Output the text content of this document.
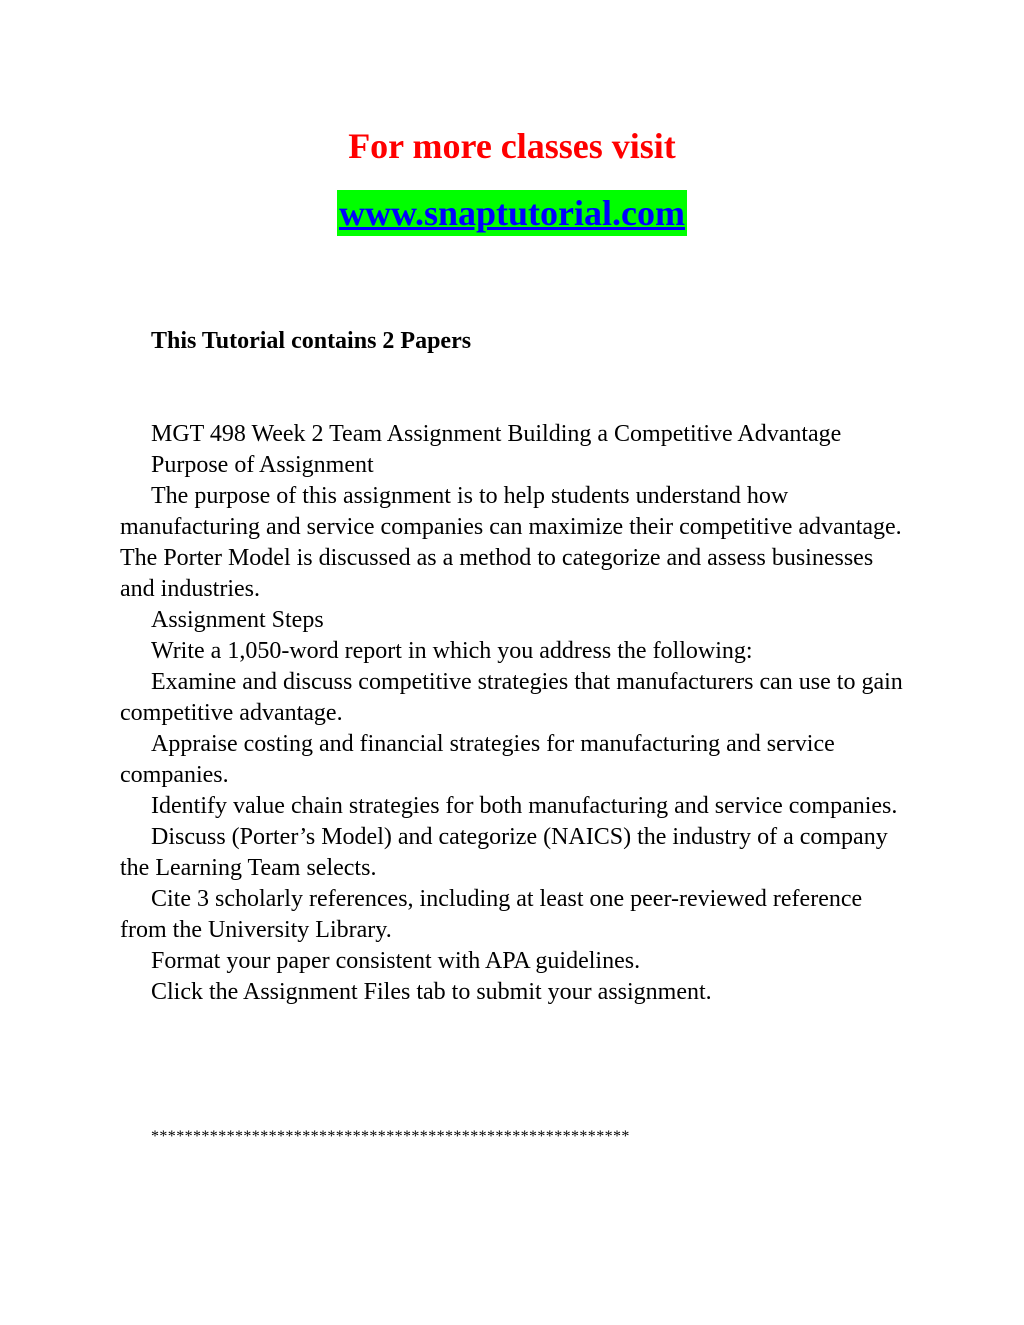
For more classes visit
www.snaptutorial.com
This Tutorial contains 2 Papers

MGT 498 Week 2 Team Assignment Building a Competitive Advantage

Purpose of Assignment

The purpose of this assignment is to help students understand how manufacturing and service companies can maximize their competitive advantage. The Porter Model is discussed as a method to categorize and assess businesses and industries.

Assignment Steps

Write a 1,050-word report in which you address the following:

Examine and discuss competitive strategies that manufacturers can use to gain competitive advantage.

Appraise costing and financial strategies for manufacturing and service companies.

Identify value chain strategies for both manufacturing and service companies.

Discuss (Porter’s Model) and categorize (NAICS) the industry of a company the Learning Team selects.

Cite 3 scholarly references, including at least one peer-reviewed reference from the University Library.

Format your paper consistent with APA guidelines.

Click the Assignment Files tab to submit your assignment.

*********************************************************
